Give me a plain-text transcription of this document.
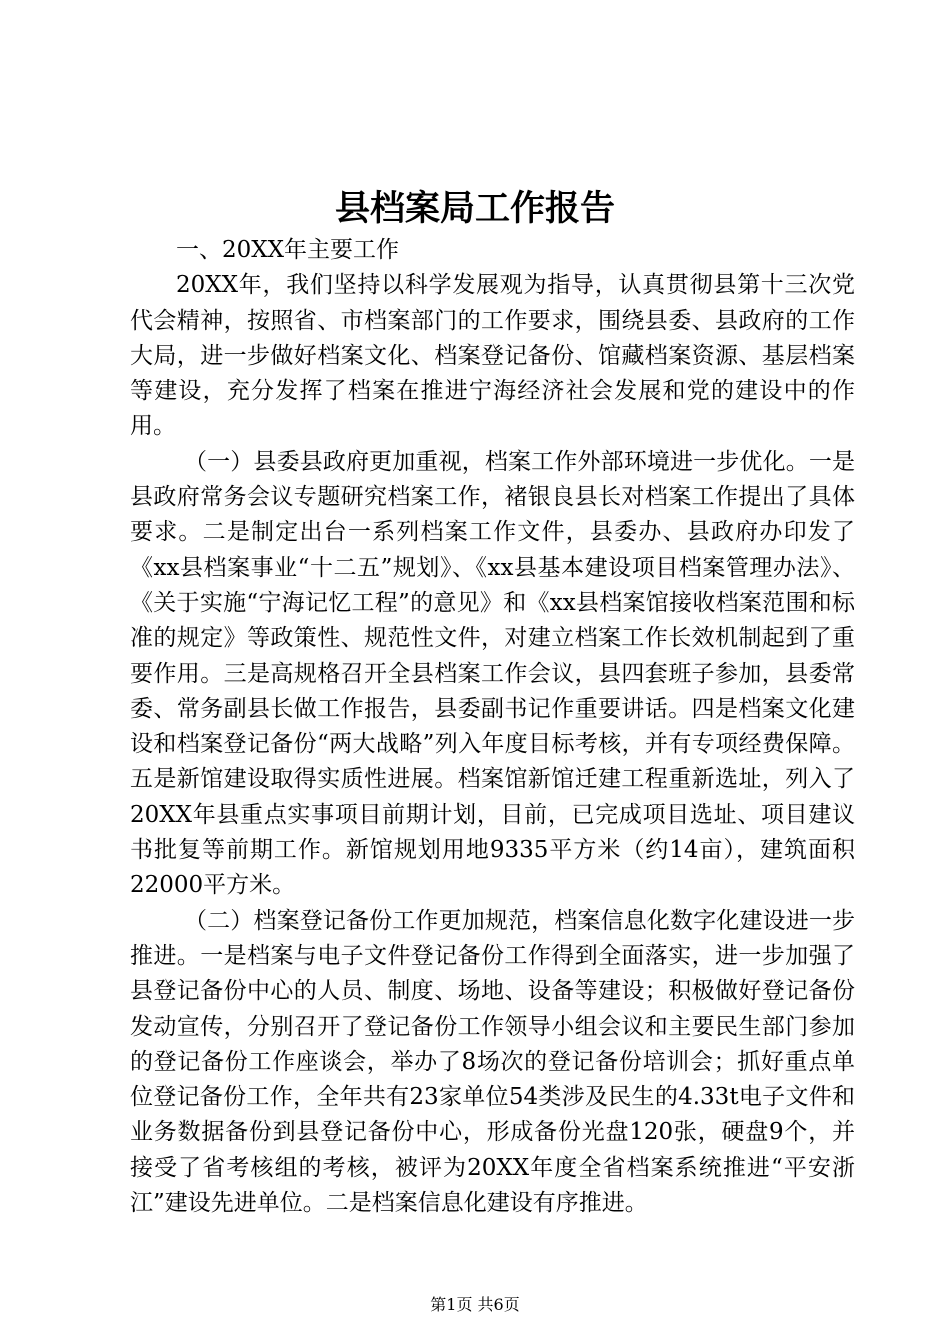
县档案局工作报告

一、20XX年主要工作

20XX年，我们坚持以科学发展观为指导，认真贯彻县第十三次党代会精神，按照省、市档案部门的工作要求，围绕县委、县政府的工作大局，进一步做好档案文化、档案登记备份、馆藏档案资源、基层档案等建设，充分发挥了档案在推进宁海经济社会发展和党的建设中的作用。

（一）县委县政府更加重视，档案工作外部环境进一步优化。一是县政府常务会议专题研究档案工作，褚银良县长对档案工作提出了具体要求。二是制定出台一系列档案工作文件，县委办、县政府办印发了《xx县档案事业“十二五”规划》、《xx县基本建设项目档案管理办法》、《关于实施“宁海记忆工程”的意见》和《xx县档案馆接收档案范围和标准的规定》等政策性、规范性文件，对建立档案工作长效机制起到了重要作用。三是高规格召开全县档案工作会议，县四套班子参加，县委常委、常务副县长做工作报告，县委副书记作重要讲话。四是档案文化建设和档案登记备份“两大战略”列入年度目标考核，并有专项经费保障。五是新馆建设取得实质性进展。档案馆新馆迁建工程重新选址，列入了20XX年县重点实事项目前期计划，目前，已完成项目选址、项目建议书批复等前期工作。新馆规划用地9335平方米（约14亩），建筑面积22000平方米。

（二）档案登记备份工作更加规范，档案信息化数字化建设进一步推进。一是档案与电子文件登记备份工作得到全面落实，进一步加强了县登记备份中心的人员、制度、场地、设备等建设；积极做好登记备份发动宣传，分别召开了登记备份工作领导小组会议和主要民生部门参加的登记备份工作座谈会，举办了8场次的登记备份培训会；抓好重点单位登记备份工作，全年共有23家单位54类涉及民生的4.33t电子文件和业务数据备份到县登记备份中心，形成备份光盘120张，硬盘9个，并接受了省考核组的考核，被评为20XX年度全省档案系统推进“平安浙江”建设先进单位。二是档案信息化建设有序推进。

第1页 共6页
